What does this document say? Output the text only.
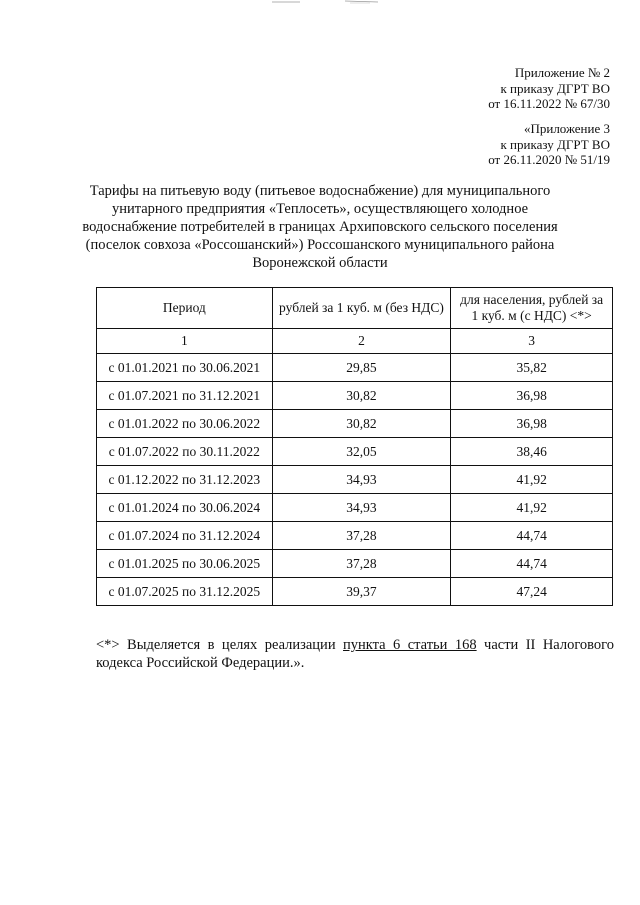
Приложение № 2
к приказу ДГРТ ВО
от 16.11.2022 № 67/30
«Приложение 3
к приказу ДГРТ ВО
от 26.11.2020 № 51/19
Тарифы на питьевую воду (питьевое водоснабжение) для муниципального
унитарного предприятия «Теплосеть», осуществляющего холодное
водоснабжение потребителей в границах Архиповского сельского поселения
(поселок совхоза «Россошанский») Россошанского муниципального района
Воронежской области
Период	рублей за 1 куб. м (без НДС)	для населения, рублей за
1 куб. м (с НДС) <*>

1	2	3
с 01.01.2021 по 30.06.2021	29,85	35,82
с 01.07.2021 по 31.12.2021	30,82	36,98
с 01.01.2022 по 30.06.2022	30,82	36,98
с 01.07.2022 по 30.11.2022	32,05	38,46
с 01.12.2022 по 31.12.2023	34,93	41,92
с 01.01.2024 по 30.06.2024	34,93	41,92
с 01.07.2024 по 31.12.2024	37,28	44,74
с 01.01.2025 по 30.06.2025	37,28	44,74
с 01.07.2025 по 31.12.2025	39,37	47,24
<*> Выделяется в целях реализации пункта 6 статьи 168 части II Налогового кодекса Российской Федерации.».
